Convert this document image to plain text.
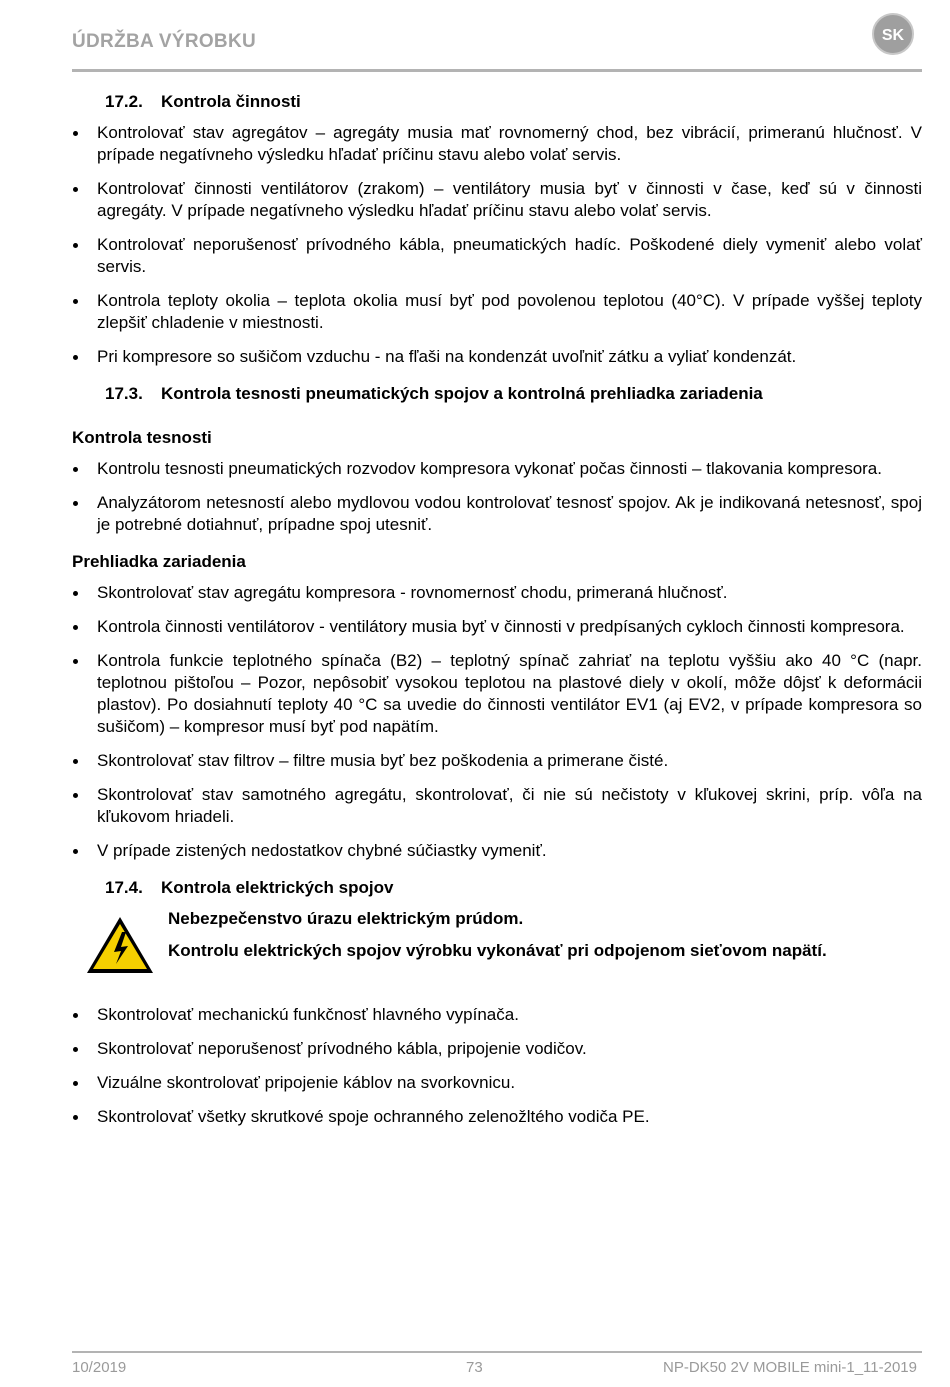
ÚDRŽBA VÝROBKU	SK
17.2. Kontrola činnosti
Kontrolovať stav agregátov – agregáty musia mať rovnomerný chod, bez vibrácií, primeranú hlučnosť. V prípade negatívneho výsledku hľadať príčinu stavu alebo volať servis.
Kontrolovať činnosti ventilátorov (zrakom) – ventilátory musia byť v činnosti v čase, keď sú v činnosti agregáty. V prípade negatívneho výsledku hľadať príčinu stavu alebo volať servis.
Kontrolovať neporušenosť prívodného kábla, pneumatických hadíc. Poškodené diely vymeniť alebo volať servis.
Kontrola teploty okolia – teplota okolia musí byť pod povolenou teplotou (40°C). V prípade vyššej teploty zlepšiť chladenie v miestnosti.
Pri kompresore so sušičom vzduchu - na fľaši na kondenzát uvoľniť zátku a vyliať kondenzát.
17.3. Kontrola tesnosti pneumatických spojov a kontrolná prehliadka zariadenia
Kontrola tesnosti
Kontrolu tesnosti pneumatických rozvodov kompresora vykonať počas činnosti – tlakovania kompresora.
Analyzátorom netesností alebo mydlovou vodou kontrolovať tesnosť spojov. Ak je indikovaná netesnosť, spoj je potrebné dotiahnuť, prípadne spoj utesniť.
Prehliadka zariadenia
Skontrolovať stav agregátu kompresora - rovnomernosť chodu, primeraná hlučnosť.
Kontrola činnosti ventilátorov - ventilátory musia byť v činnosti v predpísaných cykloch činnosti kompresora.
Kontrola funkcie teplotného spínača (B2) – teplotný spínač zahriať na teplotu vyššiu ako 40 °C (napr. teplotnou pištoľou – Pozor, nepôsobiť vysokou teplotou na plastové diely v okolí, môže dôjsť k deformácii plastov). Po dosiahnutí teploty 40 °C sa uvedie do činnosti ventilátor EV1 (aj EV2, v prípade kompresora so sušičom) – kompresor musí byť pod napätím.
Skontrolovať stav filtrov – filtre musia byť bez poškodenia a primerane čisté.
Skontrolovať stav samotného agregátu, skontrolovať, či nie sú nečistoty v kľukovej skrini, príp. vôľa na kľukovom hriadeli.
V prípade zistených nedostatkov chybné súčiastky vymeniť.
17.4. Kontrola elektrických spojov

Nebezpečenstvo úrazu elektrickým prúdom.

Kontrolu elektrických spojov výrobku vykonávať pri odpojenom sieťovom napätí.

Skontrolovať mechanickú funkčnosť hlavného vypínača.
Skontrolovať neporušenosť prívodného kábla, pripojenie vodičov.
Vizuálne skontrolovať pripojenie káblov na svorkovnicu.
Skontrolovať všetky skrutkové spoje ochranného zelenožltého vodiča PE.
10/2019	73	NP-DK50 2V MOBILE mini-1_11-2019
